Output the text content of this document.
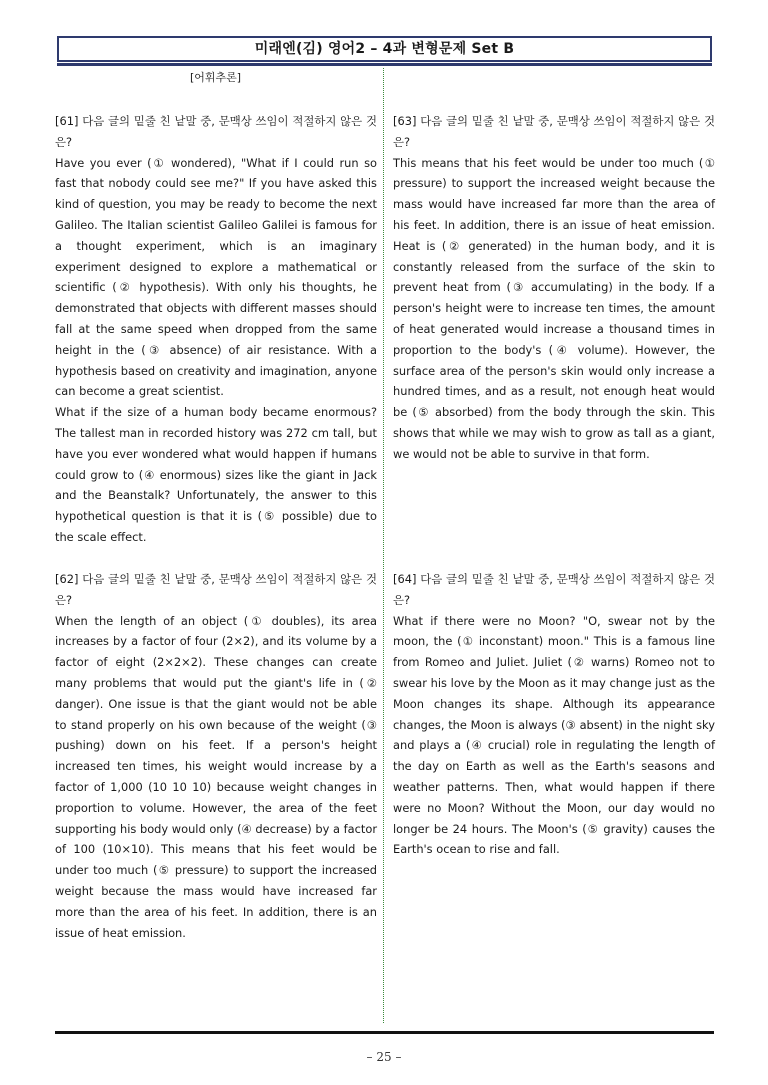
미래엔(김) 영어2 – 4과 변형문제 Set B
[어휘추론]

[61] 다음 글의 밑줄 친 낱말 중, 문맥상 쓰임이 적절하지 않은 것은?

Have you ever (① wondered), "What if I could run so fast that nobody could see me?" If you have asked this kind of question, you may be ready to become the next Galileo. The Italian scientist Galileo Galilei is famous for a thought experiment, which is an imaginary experiment designed to explore a mathematical or scientific (② hypothesis). With only his thoughts, he demonstrated that objects with different masses should fall at the same speed when dropped from the same height in the (③ absence) of air resistance. With a hypothesis based on creativity and imagination, anyone can become a great scientist.

What if the size of a human body became enormous? The tallest man in recorded history was 272 cm tall, but have you ever wondered what would happen if humans could grow to (④ enormous) sizes like the giant in Jack and the Beanstalk? Unfortunately, the answer to this hypothetical question is that it is (⑤ possible) due to the scale effect.

[62] 다음 글의 밑줄 친 낱말 중, 문맥상 쓰임이 적절하지 않은 것은?

When the length of an object (① doubles), its area increases by a factor of four (2×2), and its volume by a factor of eight (2×2×2). These changes can create many problems that would put the giant's life in (② danger). One issue is that the giant would not be able to stand properly on his own because of the weight (③ pushing) down on his feet. If a person's height increased ten times, his weight would increase by a factor of 1,000 (10 10 10) because weight changes in proportion to volume. However, the area of the feet supporting his body would only (④ decrease) by a factor of 100 (10×10). This means that his feet would be under too much (⑤ pressure) to support the increased weight because the mass would have increased far more than the area of his feet. In addition, there is an issue of heat emission.

[63] 다음 글의 밑줄 친 낱말 중, 문맥상 쓰임이 적절하지 않은 것은?

This means that his feet would be under too much (① pressure) to support the increased weight because the mass would have increased far more than the area of his feet. In addition, there is an issue of heat emission. Heat is (② generated) in the human body, and it is constantly released from the surface of the skin to prevent heat from (③ accumulating) in the body. If a person's height were to increase ten times, the amount of heat generated would increase a thousand times in proportion to the body's (④ volume). However, the surface area of the person's skin would only increase a hundred times, and as a result, not enough heat would be (⑤ absorbed) from the body through the skin. This shows that while we may wish to grow as tall as a giant, we would not be able to survive in that form.

[64] 다음 글의 밑줄 친 낱말 중, 문맥상 쓰임이 적절하지 않은 것은?

What if there were no Moon? "O, swear not by the moon, the (① inconstant) moon." This is a famous line from Romeo and Juliet. Juliet (② warns) Romeo not to swear his love by the Moon as it may change just as the Moon changes its shape. Although its appearance changes, the Moon is always (③ absent) in the night sky and plays a (④ crucial) role in regulating the length of the day on Earth as well as the Earth's seasons and weather patterns. Then, what would happen if there were no Moon? Without the Moon, our day would no longer be 24 hours. The Moon's (⑤ gravity) causes the Earth's ocean to rise and fall.

– 25 –
